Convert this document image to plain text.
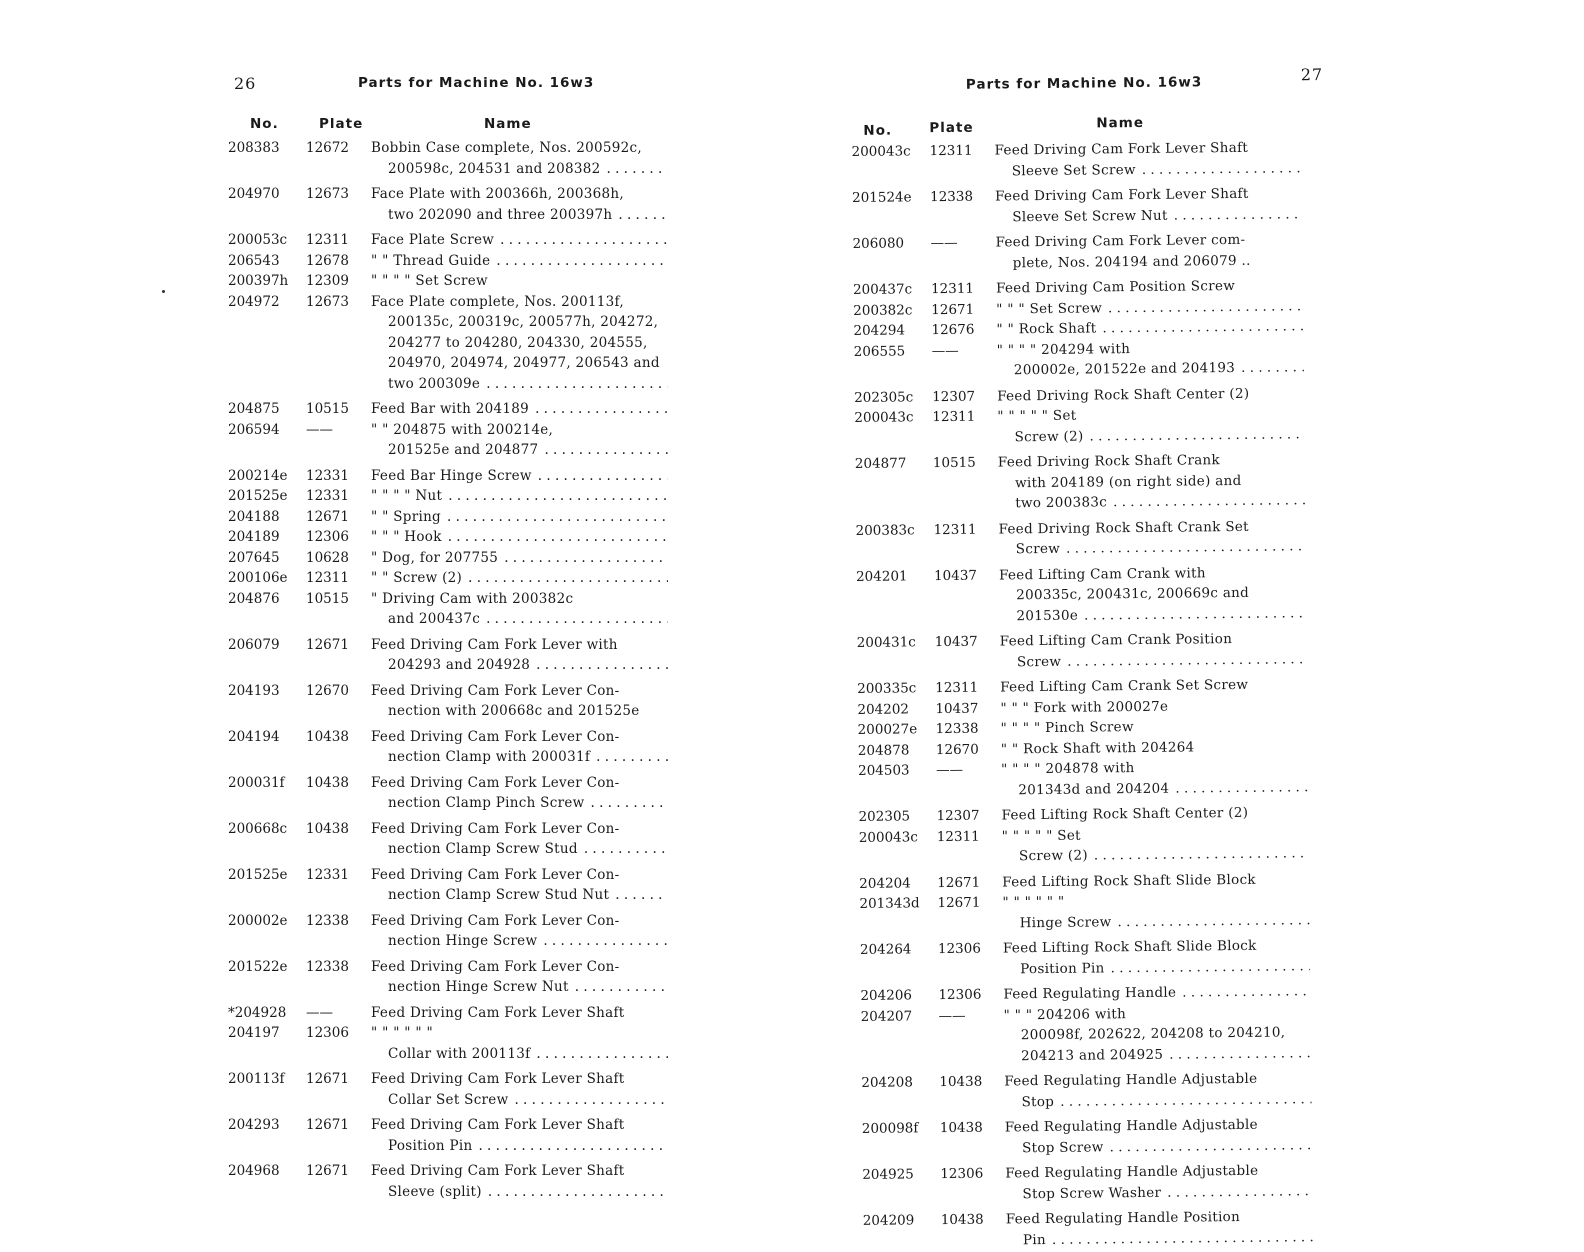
26	Parts for Machine No. 16w3
No.	Plate	Name
208383	12672	Bobbin Case complete, Nos. 200592c,
200598c, 204531 and 208382
. . .
204970	12673	Face Plate with 200366h, 200368h,
two 202090 and three 200397h
. . .
200053c	12311	Face Plate Screw
. . .
206543	12678	" " Thread Guide
. . .
200397h	12309	" " " " Set Screw
204972	12673	Face Plate complete, Nos. 200113f,
200135c, 200319c, 200577h, 204272,
204277 to 204280, 204330, 204555,
204970, 204974, 204977, 206543 and
two 200309e
. . .
204875	10515	Feed Bar with 204189
. . .
206594	——	" " 204875 with 200214e,
201525e and 204877
. . .
200214e	12331	Feed Bar Hinge Screw
. . .
201525e	12331	" " " " Nut
. . .
204188	12671	" " Spring
. . .
204189	12306	" " " Hook
. . .
207645	10628	" Dog, for 207755
. . .
200106e	12311	" " Screw (2)
. . .
204876	10515	" Driving Cam with 200382c
and 200437c
. . .
206079	12671	Feed Driving Cam Fork Lever with
204293 and 204928
. . .
204193	12670	Feed Driving Cam Fork Lever Con-
nection with 200668c and 201525e
204194	10438	Feed Driving Cam Fork Lever Con-
nection Clamp with 200031f
. . .
200031f	10438	Feed Driving Cam Fork Lever Con-
nection Clamp Pinch Screw
. . .
200668c	10438	Feed Driving Cam Fork Lever Con-
nection Clamp Screw Stud
. . .
201525e	12331	Feed Driving Cam Fork Lever Con-
nection Clamp Screw Stud Nut
. . .
200002e	12338	Feed Driving Cam Fork Lever Con-
nection Hinge Screw
. . .
201522e	12338	Feed Driving Cam Fork Lever Con-
nection Hinge Screw Nut
. . .
*204928	——	Feed Driving Cam Fork Lever Shaft
204197	12306	" " " " " "
Collar with 200113f
. . .
200113f	12671	Feed Driving Cam Fork Lever Shaft
Collar Set Screw
. . .
204293	12671	Feed Driving Cam Fork Lever Shaft
Position Pin
. . .
204968	12671	Feed Driving Cam Fork Lever Shaft
Sleeve (split)
. . .
27
Parts for Machine No. 16w3
No.	Plate	Name
200043c	12311	Feed Driving Cam Fork Lever Shaft
Sleeve Set Screw
. . .
201524e	12338	Feed Driving Cam Fork Lever Shaft
Sleeve Set Screw Nut
. . .
206080	——	Feed Driving Cam Fork Lever com-
plete, Nos. 204194 and 206079 ..
200437c	12311	Feed Driving Cam Position Screw
200382c	12671	" " " Set Screw
. . .
204294	12676	" " Rock Shaft
. . .
206555	——	" " " " 204294 with
200002e, 201522e and 204193
. . .
202305c	12307	Feed Driving Rock Shaft Center (2)
200043c	12311	" " " " " Set
Screw (2)
. . .
204877	10515	Feed Driving Rock Shaft Crank
with 204189 (on right side) and
two 200383c
. . .
200383c	12311	Feed Driving Rock Shaft Crank Set
Screw
. . .
204201	10437	Feed Lifting Cam Crank with
200335c, 200431c, 200669c and
201530e
. . .
200431c	10437	Feed Lifting Cam Crank Position
Screw
. . .
200335c	12311	Feed Lifting Cam Crank Set Screw
204202	10437	" " " Fork with 200027e
200027e	12338	" " " " Pinch Screw
204878	12670	" " Rock Shaft with 204264
204503	——	" " " " 204878 with
201343d and 204204
. . .
202305	12307	Feed Lifting Rock Shaft Center (2)
200043c	12311	" " " " " Set
Screw (2)
. . .
204204	12671	Feed Lifting Rock Shaft Slide Block
201343d	12671	" " " " " "
Hinge Screw
. . .
204264	12306	Feed Lifting Rock Shaft Slide Block
Position Pin
. . .
204206	12306	Feed Regulating Handle
. . .
204207	——	" " " 204206 with
200098f, 202622, 204208 to 204210,
204213 and 204925
. . .
204208	10438	Feed Regulating Handle Adjustable
Stop
. . .
200098f	10438	Feed Regulating Handle Adjustable
Stop Screw
. . .
204925	12306	Feed Regulating Handle Adjustable
Stop Screw Washer
. . .
204209	10438	Feed Regulating Handle Position
Pin
. . .
